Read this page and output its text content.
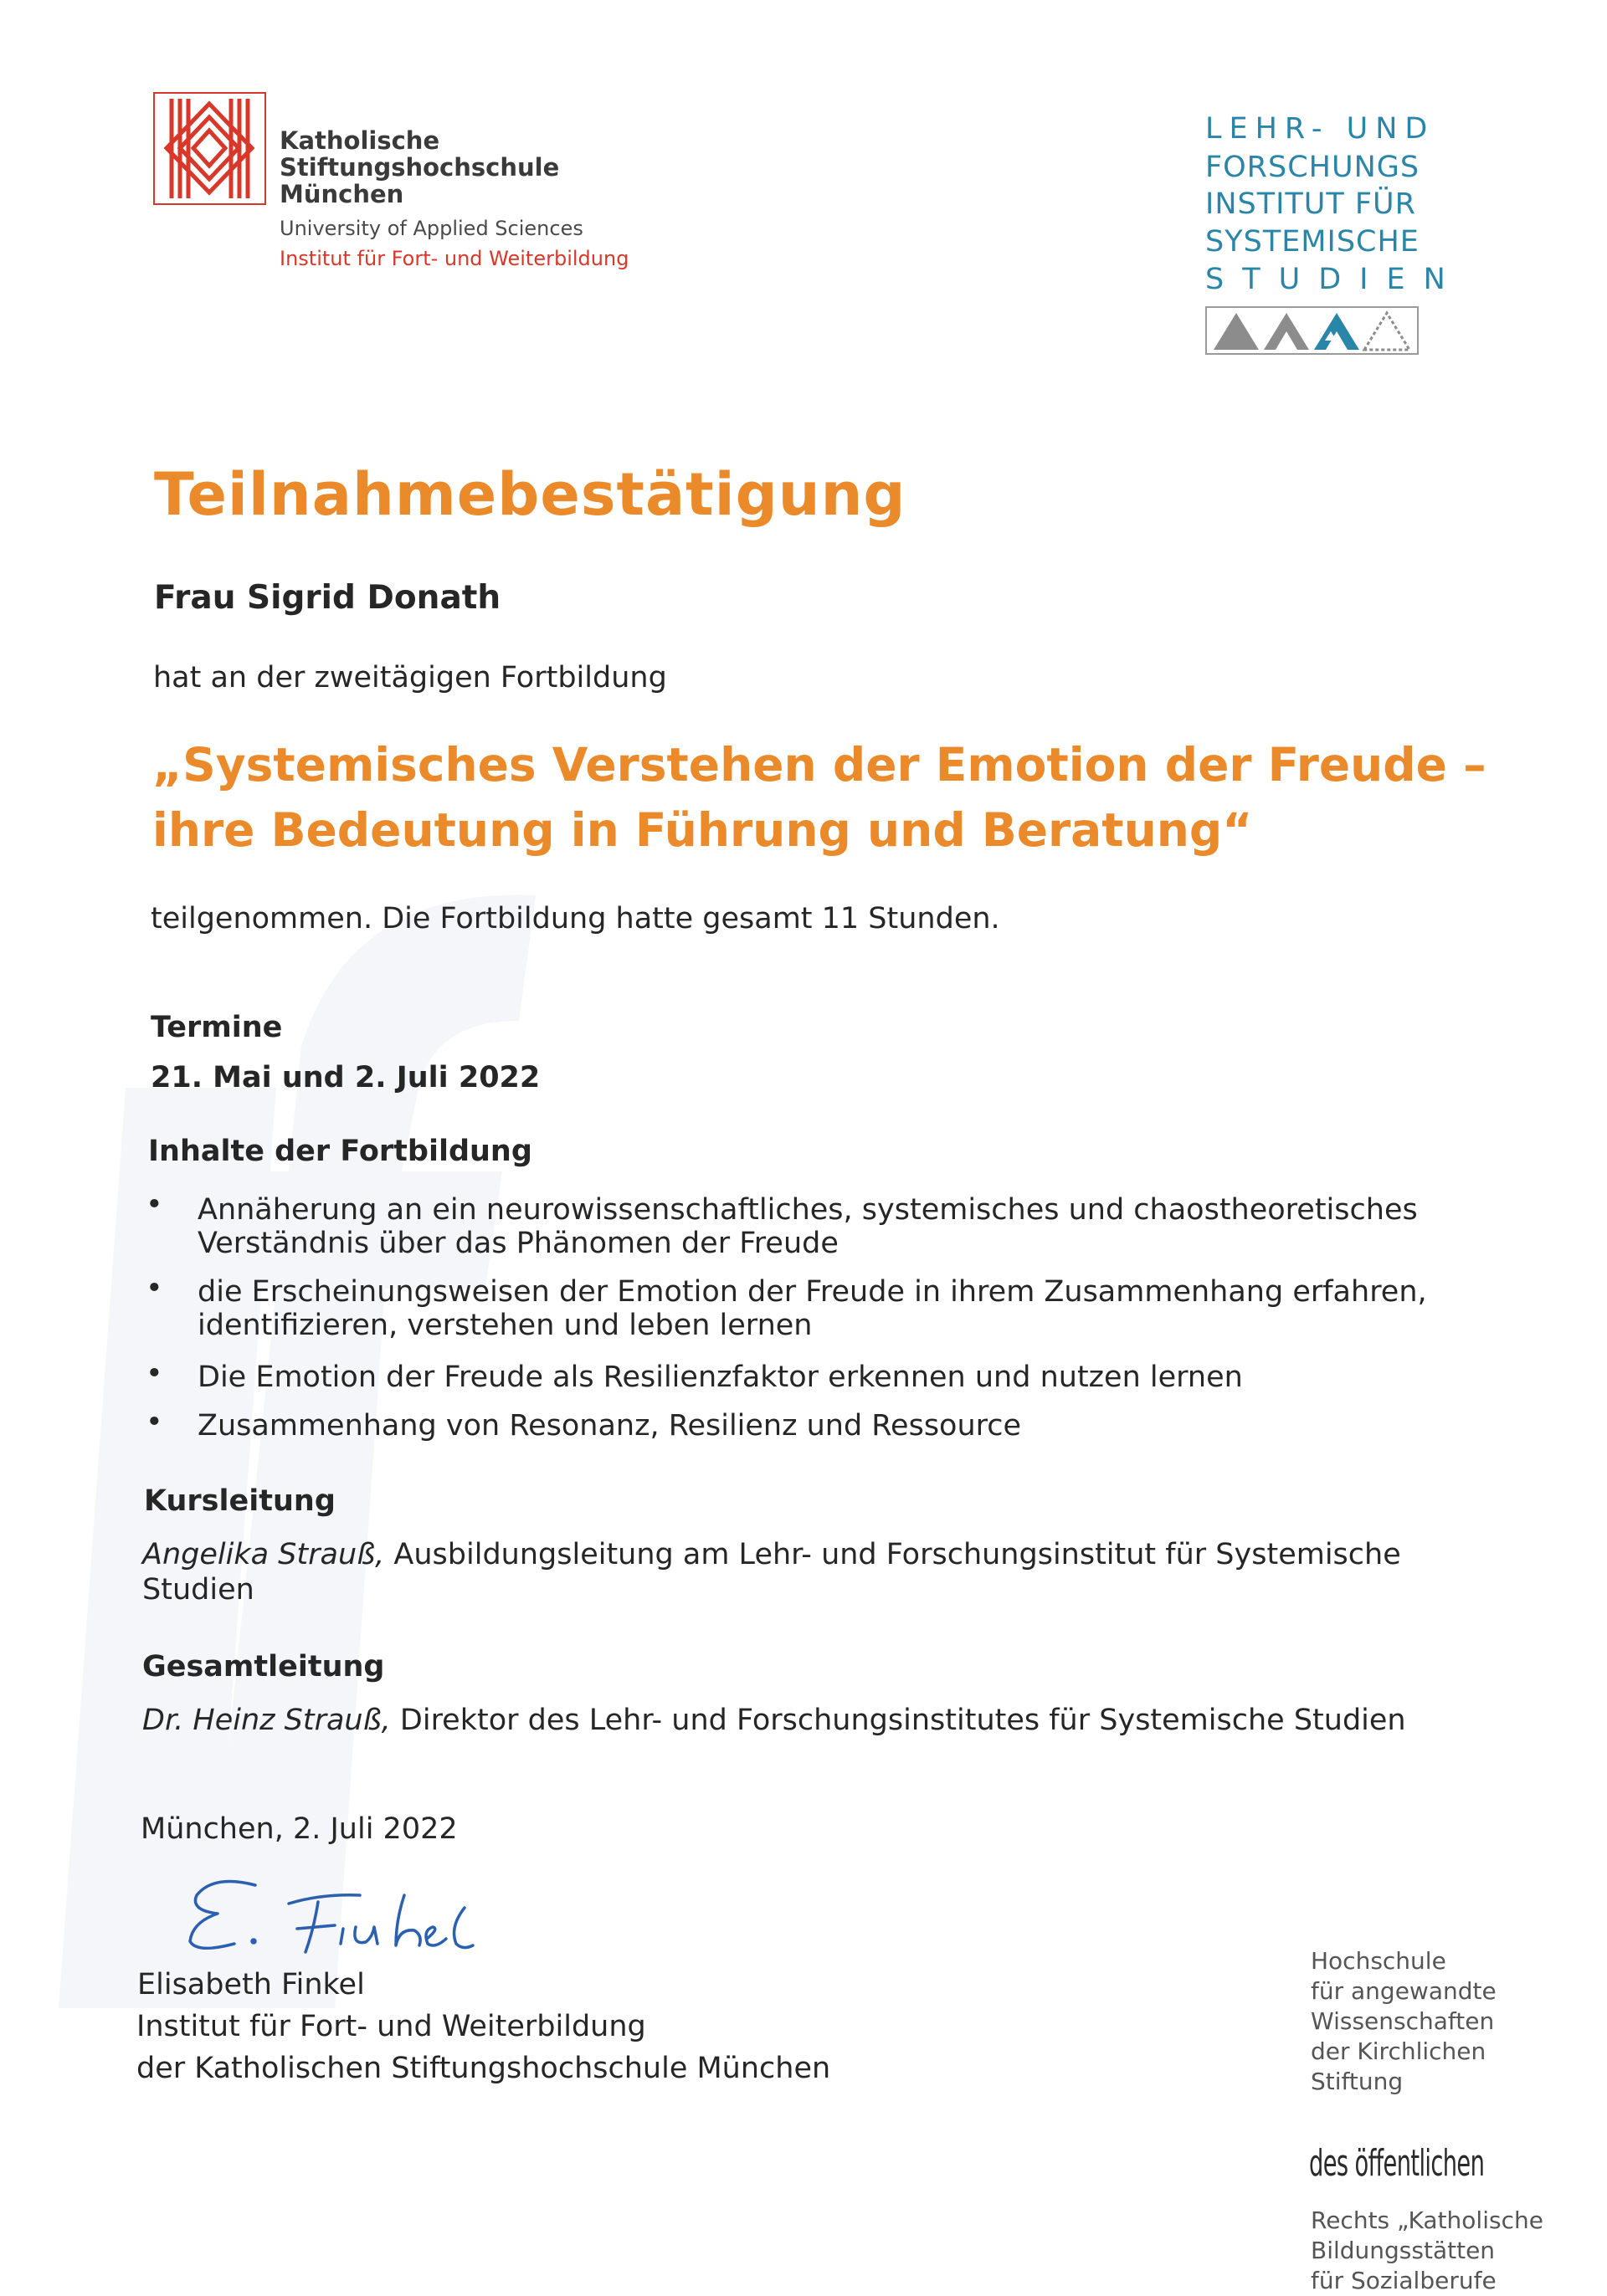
Katholische
Stiftungshochschule
München
University of Applied Sciences
Institut für Fort- und Weiterbildung
LEHR- UND
FORSCHUNGS
INSTITUT FÜR
SYSTEMISCHE
STUDIEN
Teilnahmebestätigung
Frau Sigrid Donath
hat an der zweitägigen Fortbildung
„Systemisches Verstehen der Emotion der Freude –
ihre Bedeutung in Führung und Beratung“
teilgenommen. Die Fortbildung hatte gesamt 11 Stunden.
Termine
21. Mai und 2. Juli 2022
Inhalte der Fortbildung
• Annäherung an ein neurowissenschaftliches, systemisches und chaostheoretisches
Verständnis über das Phänomen der Freude
• die Erscheinungsweisen der Emotion der Freude in ihrem Zusammenhang erfahren,
identifizieren, verstehen und leben lernen
• Die Emotion der Freude als Resilienzfaktor erkennen und nutzen lernen
• Zusammenhang von Resonanz, Resilienz und Ressource
Kursleitung
Angelika Strauß, Ausbildungsleitung am Lehr- und Forschungsinstitut für Systemische
Studien
Gesamtleitung
Dr. Heinz Strauß, Direktor des Lehr- und Forschungsinstitutes für Systemische Studien
München, 2. Juli 2022
Elisabeth Finkel
Institut für Fort- und Weiterbildung
der Katholischen Stiftungshochschule München
Hochschule
für angewandte
Wissenschaften
der Kirchlichen
Stiftung
des öffentlichen
Rechts „Katholische
Bildungsstätten
für Sozialberufe
